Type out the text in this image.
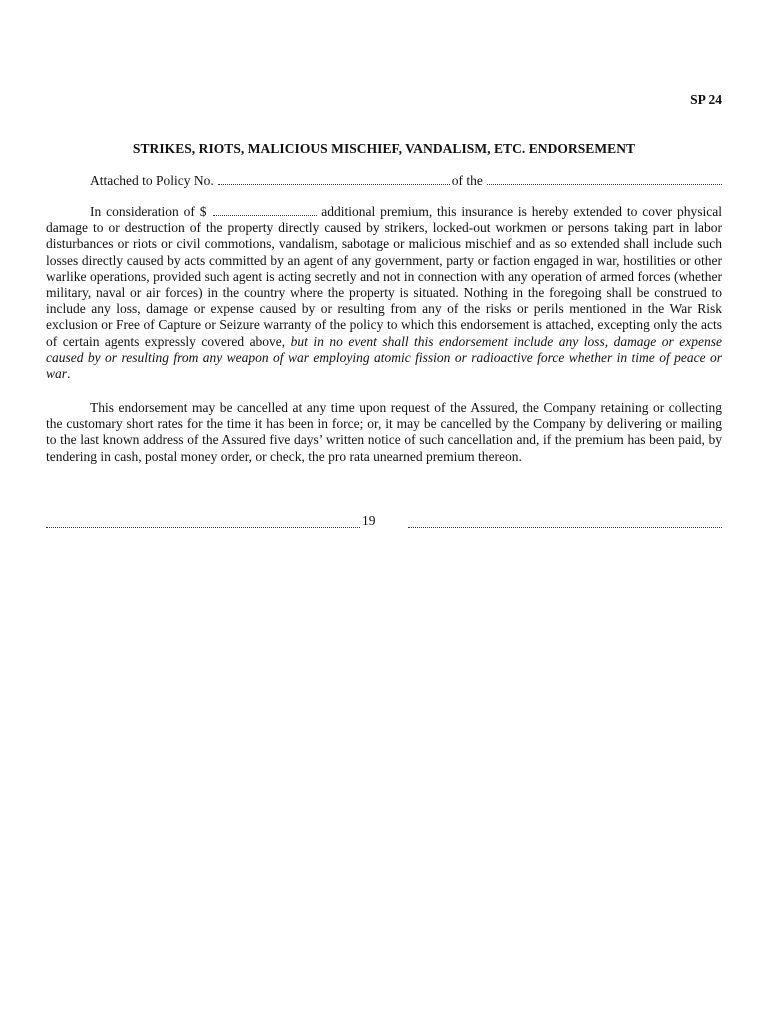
SP 24
STRIKES, RIOTS, MALICIOUS MISCHIEF, VANDALISM, ETC. ENDORSEMENT
Attached to Policy No.	of the
In consideration of $	additional premium, this insurance is hereby extended to cover physical damage to or destruction of the property directly caused by strikers, locked-out workmen or persons taking part in labor disturbances or riots or civil commotions, vandalism, sabotage or malicious mischief and as so extended shall include such losses directly caused by acts committed by an agent of any government, party or faction engaged in war, hostilities or other warlike operations, provided such agent is acting secretly and not in connection with any operation of armed forces (whether military, naval or air forces) in the country where the property is situated. Nothing in the foregoing shall be construed to include any loss, damage or expense caused by or resulting from any of the risks or perils mentioned in the War Risk exclusion or Free of Capture or Seizure warranty of the policy to which this endorsement is attached, excepting only the acts of certain agents expressly covered above, but in no event shall this endorsement include any loss, damage or expense caused by or resulting from any weapon of war employing atomic fission or radioactive force whether in time of peace or war.
This endorsement may be cancelled at any time upon request of the Assured, the Company retaining or collecting the customary short rates for the time it has been in force; or, it may be cancelled by the Company by delivering or mailing to the last known address of the Assured five days’ written notice of such cancellation and, if the premium has been paid, by tendering in cash, postal money order, or check, the pro rata unearned premium thereon.
19
